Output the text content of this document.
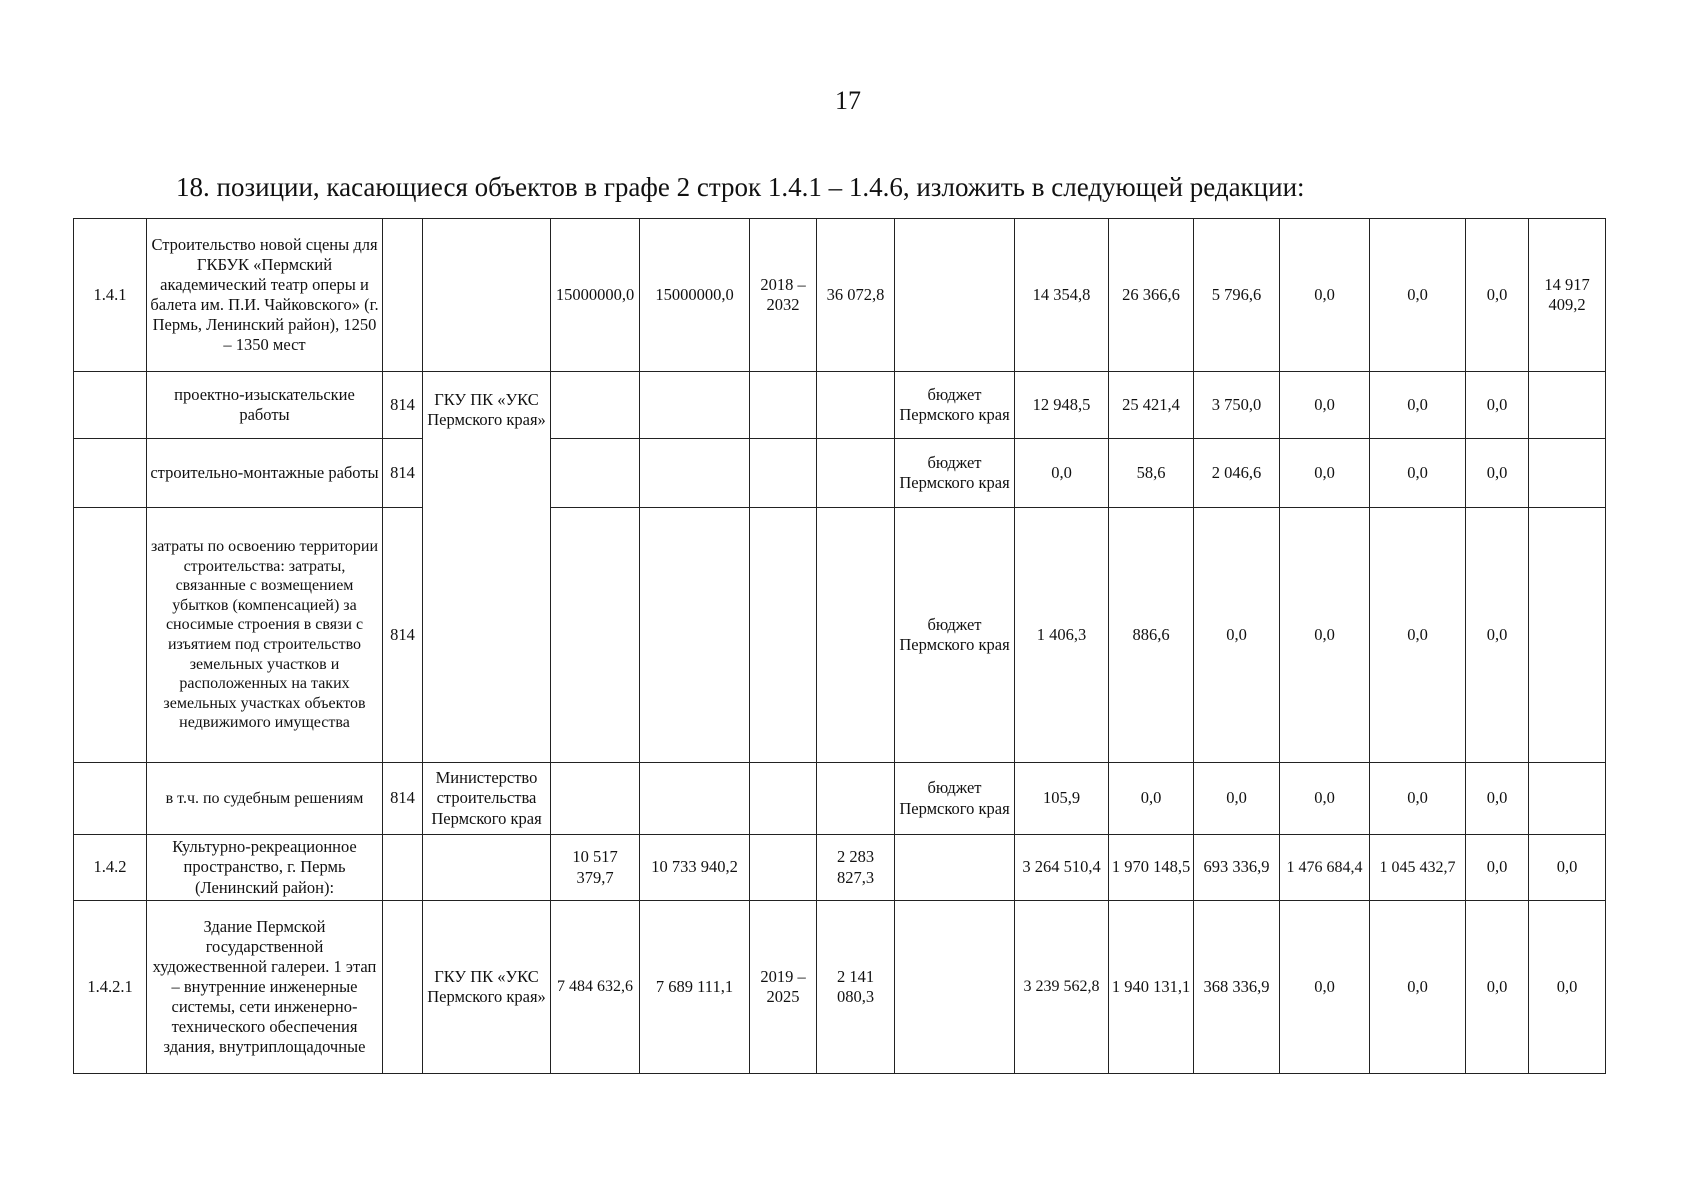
17
18. позиции, касающиеся объектов в графе 2 строк 1.4.1 – 1.4.6, изложить в следующей редакции:
1.4.1	Строительство новой сцены для ГКБУК «Пермский академический театр оперы и балета им. П.И. Чайковского» (г. Пермь, Ленинский район), 1250 – 1350 мест			15000000,0	15000000,0	2018 – 2032	36 072,8		14 354,8	26 366,6	5 796,6	0,0	0,0	0,0	14 917 409,2
	проектно-изыскательские работы	814	ГКУ ПК «УКС Пермского края»					бюджет Пермского края	12 948,5	25 421,4	3 750,0	0,0	0,0	0,0	
	строительно-монтажные работы	814						бюджет Пермского края	0,0	58,6	2 046,6	0,0	0,0	0,0	
	затраты по освоению территории строительства: затраты, связанные с возмещением убытков (компенсацией) за сносимые строения в связи с изъятием под строительство земельных участков и расположенных на таких земельных участках объектов недвижимого имущества	814						бюджет Пермского края	1 406,3	886,6	0,0	0,0	0,0	0,0	
	в т.ч. по судебным решениям	814	Министерство строительства Пермского края					бюджет Пермского края	105,9	0,0	0,0	0,0	0,0	0,0	
1.4.2	Культурно-рекреационное пространство, г. Пермь (Ленинский район):			10 517 379,7	10 733 940,2		2 283 827,3		3 264 510,4	1 970 148,5	693 336,9	1 476 684,4	1 045 432,7	0,0	0,0
1.4.2.1	Здание Пермской государственной художественной галереи. 1 этап – внутренние инженерные системы, сети инженерно-технического обеспечения здания, внутриплощадочные		ГКУ ПК «УКС Пермского края»	7 484 632,6	7 689 111,1	2019 – 2025	2 141 080,3		3 239 562,8	1 940 131,1	368 336,9	0,0	0,0	0,0	0,0
